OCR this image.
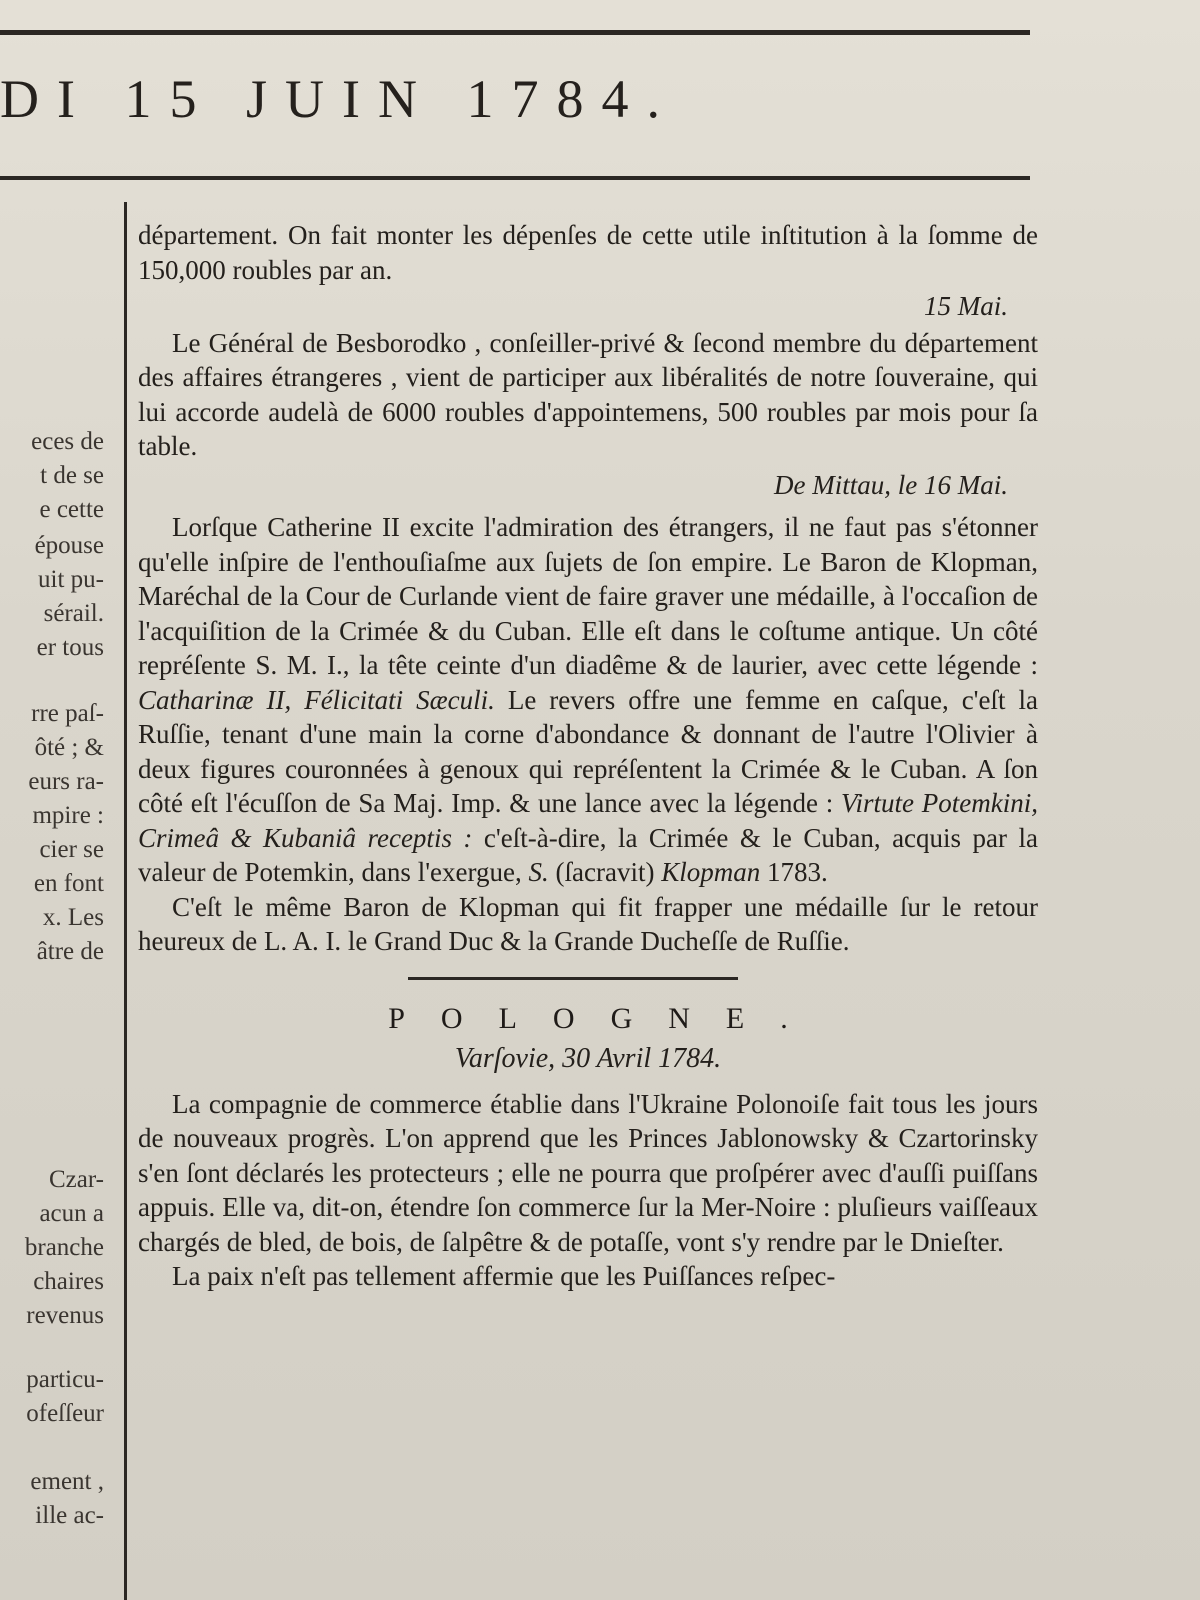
DI 15 JUIN 1784.
eces de
t de se
e cette
épouse
uit pu-
sérail.
er tous
rre paſ-
ôté ; &
eurs ra-
mpire :
cier se
en font
x. Les
âtre de
Czar-
acun a
branche
chaires
revenus
particu-
ofeſſeur
ement ,
ille ac-

département. On fait monter les dépenſes de cette utile inſtitution à la ſomme de 150,000 roubles par an.

15 Mai.

Le Général de Besborodko , conſeiller-privé & ſecond membre du département des affaires étrangeres , vient de participer aux libéralités de notre ſouveraine, qui lui accorde audelà de 6000 roubles d'appointemens, 500 roubles par mois pour ſa table.

De Mittau, le 16 Mai.

Lorſque Catherine II excite l'admiration des étrangers, il ne faut pas s'étonner qu'elle inſpire de l'enthouſiaſme aux ſujets de ſon empire. Le Baron de Klopman, Maréchal de la Cour de Curlande vient de faire graver une médaille, à l'occaſion de l'acquiſition de la Crimée & du Cuban. Elle eſt dans le coſtume antique. Un côté repréſente S. M. I., la tête ceinte d'un diadême & de laurier, avec cette légende : Catharinæ II, Félicitati Sæculi. Le revers offre une femme en caſque, c'eſt la Ruſſie, tenant d'une main la corne d'abondance & donnant de l'autre l'Olivier à deux figures couronnées à genoux qui repréſentent la Crimée & le Cuban. A ſon côté eſt l'écuſſon de Sa Maj. Imp. & une lance avec la légende : Virtute Potemkini, Crimeâ & Kubaniâ receptis : c'eſt-à-dire, la Crimée & le Cuban, acquis par la valeur de Potemkin, dans l'exergue, S. (ſacravit) Klopman 1783.

C'eſt le même Baron de Klopman qui fit frapper une médaille ſur le retour heureux de L. A. I. le Grand Duc & la Grande Ducheſſe de Ruſſie.

POLOGNE.
Varſovie, 30 Avril 1784.

La compagnie de commerce établie dans l'Ukraine Polonoiſe fait tous les jours de nouveaux progrès. L'on apprend que les Princes Jablonowsky & Czartorinsky s'en ſont déclarés les protecteurs ; elle ne pourra que proſpérer avec d'auſſi puiſſans appuis. Elle va, dit-on, étendre ſon commerce ſur la Mer-Noire : pluſieurs vaiſſeaux chargés de bled, de bois, de ſalpêtre & de potaſſe, vont s'y rendre par le Dnieſter.

La paix n'eſt pas tellement affermie que les Puiſſances reſpec-
